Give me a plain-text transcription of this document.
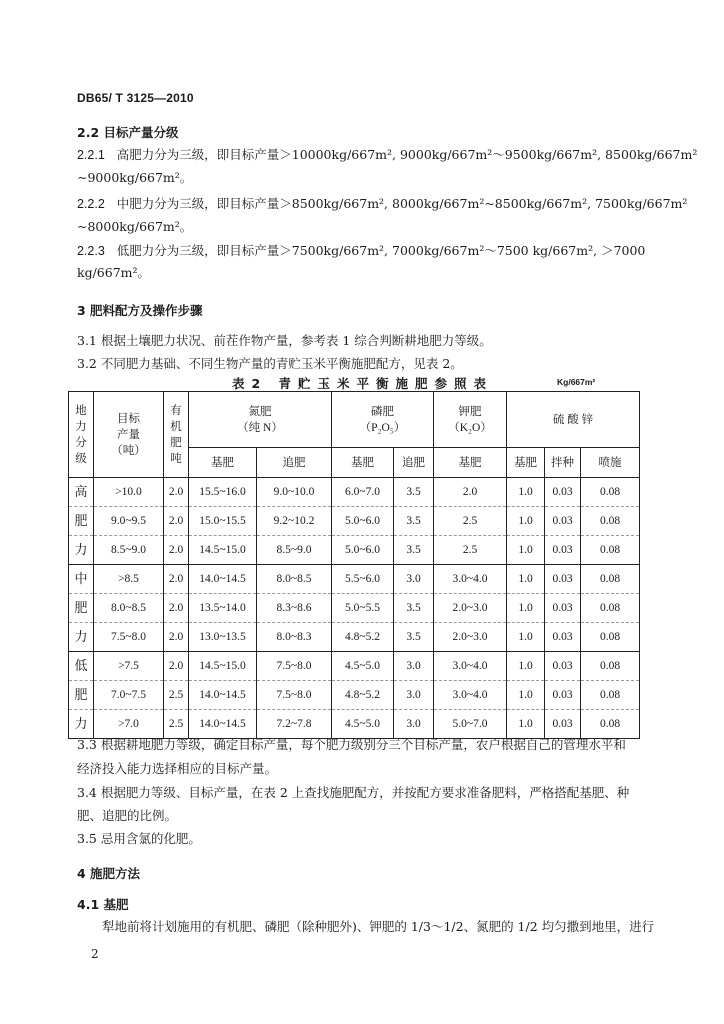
DB65/ T 3125—2010
2.2 目标产量分级
2.2.1 高肥力分为三级，即目标产量＞10000kg/667m², 9000kg/667m²～9500kg/667m², 8500kg/667m²
~9000kg/667m²。
2.2.2 中肥力分为三级，即目标产量＞8500kg/667m², 8000kg/667m²~8500kg/667m², 7500kg/667m²
~8000kg/667m²。
2.2.3 低肥力分为三级，即目标产量＞7500kg/667m², 7000kg/667m²～7500 kg/667m², ＞7000
kg/667m²。
3 肥料配方及操作步骤
3.1 根据土壤肥力状况、前茬作物产量，参考表 1 综合判断耕地肥力等级。
3.2 不同肥力基础、不同生物产量的青贮玉米平衡施肥配方，见表 2。
表2 青贮玉米平衡施肥参照表	Kg/667m²
地
力
分
级	目标
产量
（吨）	有
机
肥
吨	氮肥
（纯 N）		磷肥
（P₂O₅）		钾肥
（K₂O）	硫 酸 锌		
			基肥	追肥	基肥	追肥	基肥	基肥	拌种	喷施
高	>10.0	2.0	15.5~16.0	9.0~10.0	6.0~7.0	3.5	2.0	1.0	0.03	0.08
肥	9.0~9.5	2.0	15.0~15.5	9.2~10.2	5.0~6.0	3.5	2.5	1.0	0.03	0.08
力	8.5~9.0	2.0	14.5~15.0	8.5~9.0	5.0~6.0	3.5	2.5	1.0	0.03	0.08
中	>8.5	2.0	14.0~14.5	8.0~8.5	5.5~6.0	3.0	3.0~4.0	1.0	0.03	0.08
肥	8.0~8.5	2.0	13.5~14.0	8.3~8.6	5.0~5.5	3.5	2.0~3.0	1.0	0.03	0.08
力	7.5~8.0	2.0	13.0~13.5	8.0~8.3	4.8~5.2	3.5	2.0~3.0	1.0	0.03	0.08
低	>7.5	2.0	14.5~15.0	7.5~8.0	4.5~5.0	3.0	3.0~4.0	1.0	0.03	0.08
肥	7.0~7.5	2.5	14.0~14.5	7.5~8.0	4.8~5.2	3.0	3.0~4.0	1.0	0.03	0.08
力	>7.0	2.5	14.0~14.5	7.2~7.8	4.5~5.0	3.0	5.0~7.0	1.0	0.03	0.08
3.3 根据耕地肥力等级，确定目标产量，每个肥力级别分三个目标产量，农户根据自己的管理水平和
经济投入能力选择相应的目标产量。
3.4 根据肥力等级、目标产量，在表 2 上查找施肥配方，并按配方要求准备肥料，严格搭配基肥、种
肥、追肥的比例。
3.5 忌用含氯的化肥。
4 施肥方法
4.1 基肥
犁地前将计划施用的有机肥、磷肥（除种肥外)、钾肥的 1/3～1/2、氮肥的 1/2 均匀撒到地里，进行
2
